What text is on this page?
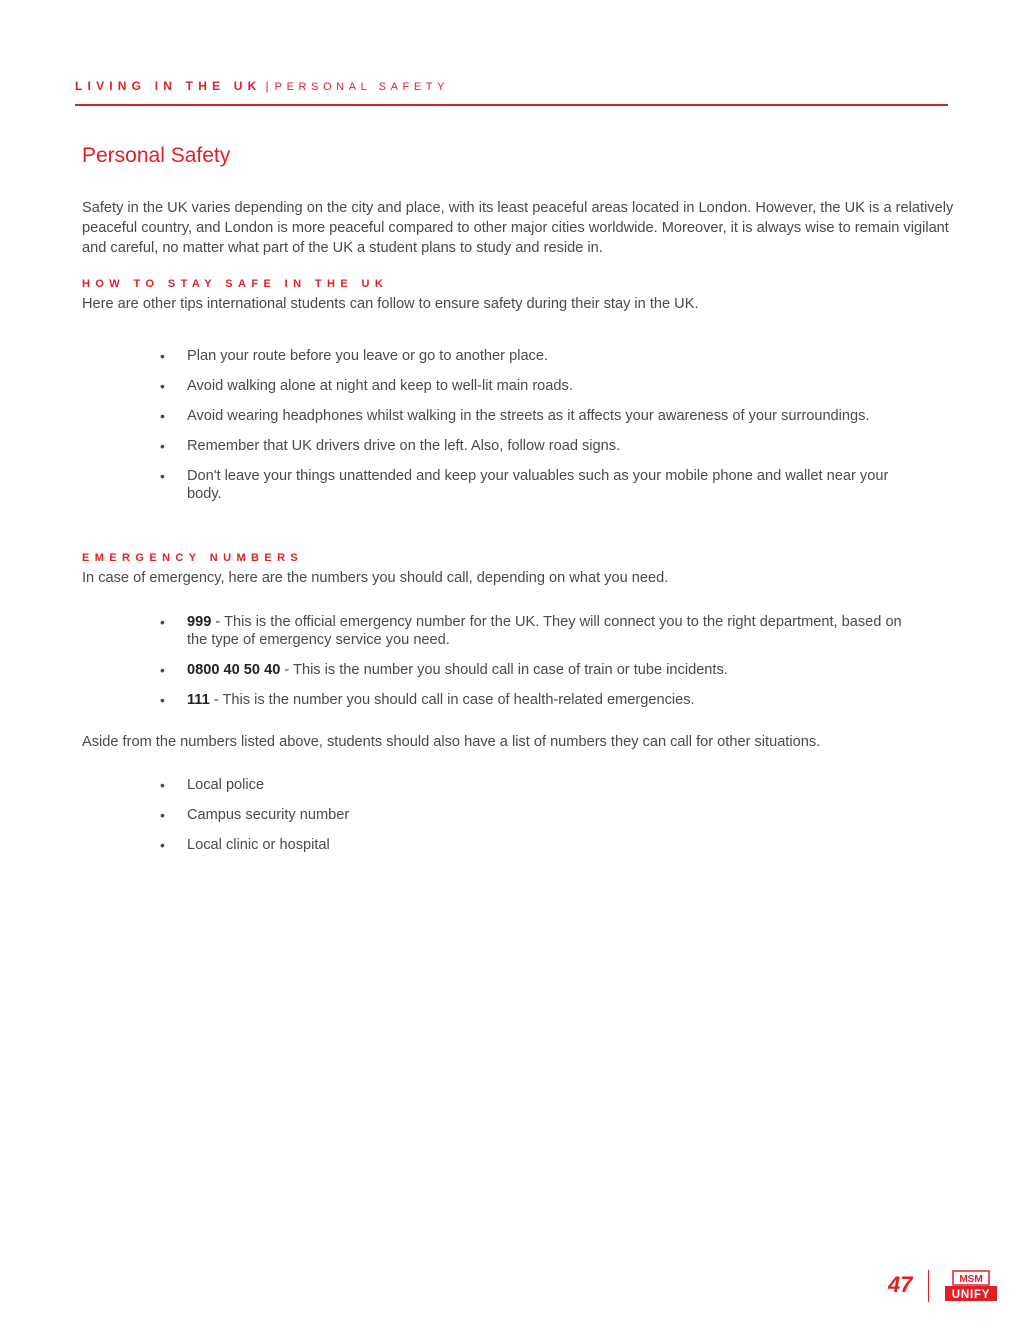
LIVING IN THE UK | PERSONAL SAFETY
Personal Safety

Safety in the UK varies depending on the city and place, with its least peaceful areas located in London. However, the UK is a relatively peaceful country, and London is more peaceful compared to other major cities worldwide. Moreover, it is always wise to remain vigilant and careful, no matter what part of the UK a student plans to study and reside in.

HOW TO STAY SAFE IN THE UK

Here are other tips international students can follow to ensure safety during their stay in the UK.

• Plan your route before you leave or go to another place.
• Avoid walking alone at night and keep to well-lit main roads.
• Avoid wearing headphones whilst walking in the streets as it affects your awareness of your surroundings.
• Remember that UK drivers drive on the left. Also, follow road signs.
• Don't leave your things unattended and keep your valuables such as your mobile phone and wallet near your body.
EMERGENCY NUMBERS

In case of emergency, here are the numbers you should call, depending on what you need.

• 999 - This is the official emergency number for the UK. They will connect you to the right department, based on the type of emergency service you need.
• 0800 40 50 40 - This is the number you should call in case of train or tube incidents.
• 111 - This is the number you should call in case of health-related emergencies.

Aside from the numbers listed above, students should also have a list of numbers they can call for other situations.

• Local police
• Campus security number
• Local clinic or hospital
47	MSM
UNIFY
